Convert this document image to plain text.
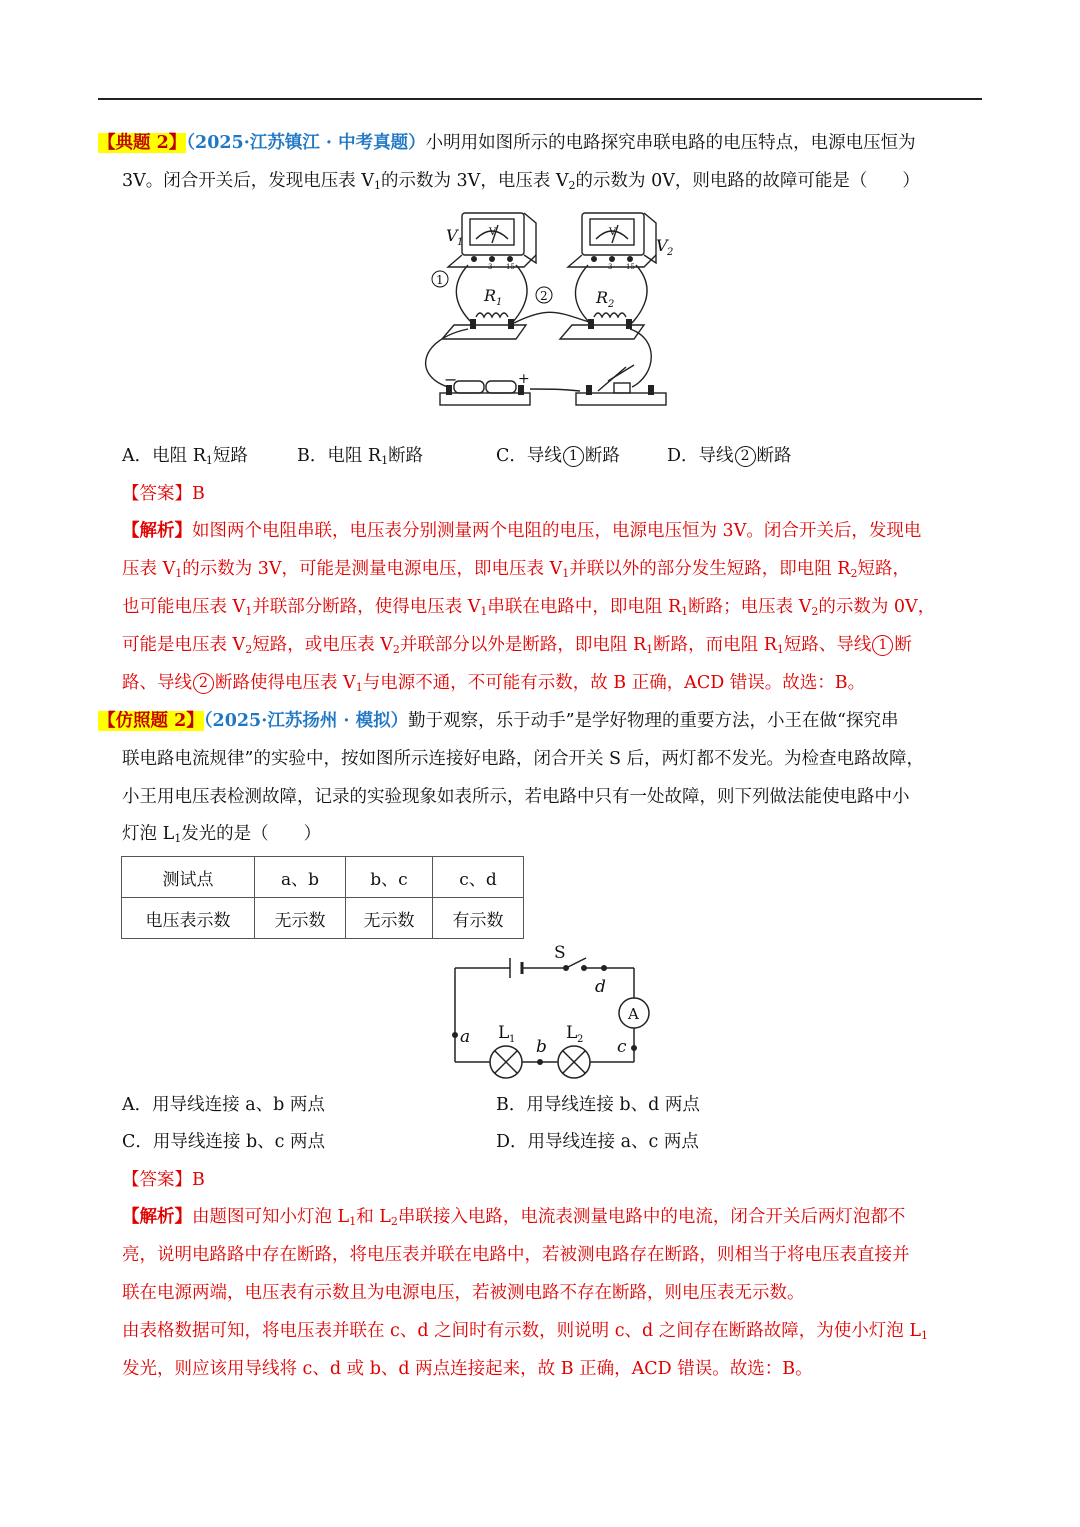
【典题 2】（2025·江苏镇江 · 中考真题）小明用如图所示的电路探究串联电路的电压特点，电源电压恒为
3V。闭合开关后，发现电压表 $V_1$的示数为 3V，电压表 $V_2$的示数为 0V，则电路的故障可能是（　　）
V 1	V 2
R 1	R 2
1
2
−	+
V	V
3 15	3 15
A．电阻 $R_1$短路	B．电阻 $R_1$断路	C．导线 1 断路	D．导线 2 断路
【答案】B
【解析】如图两个电阻串联，电压表分别测量两个电阻的电压，电源电压恒为 3V。闭合开关后，发现电
压表 $V_1$的示数为 3V，可能是测量电源电压，即电压表 $V_1$并联以外的部分发生短路，即电阻 $R_2$短路，
也可能电压表 $V_1$并联部分断路，使得电压表 $V_1$串联在电路中，即电阻 $R_1$断路；电压表 $V_2$的示数为 0V，
可能是电压表 $V_2$短路，或电压表 $V_2$并联部分以外是断路，即电阻 $R_1$断路，而电阻 $R_1$短路、导线 1 断
路、导线 2 断路使得电压表 $V_1$与电源不通，不可能有示数，故 B 正确，ACD 错误。故选：B。
【仿照题 2】（2025·江苏扬州 · 模拟）勤于观察，乐于动手”是学好物理的重要方法，小王在做“探究串
联电路电流规律”的实验中，按如图所示连接好电路，闭合开关 S 后，两灯都不发光。为检查电路故障，
小王用电压表检测故障，记录的实验现象如表所示，若电路中只有一处故障，则下列做法能使电路中小
灯泡 $L_1$发光的是（　　）
测试点	a、b	b、c	c、d
电压表示数	无示数	无示数	有示数
S
A
L 1	L 2
d
a	b	c
A．用导线连接 a、b 两点	B．用导线连接 b、d 两点
C．用导线连接 b、c 两点	D．用导线连接 a、c 两点
【答案】B
【解析】由题图可知小灯泡 $L_1$和 $L_2$串联接入电路，电流表测量电路中的电流，闭合开关后两灯泡都不
亮，说明电路路中存在断路，将电压表并联在电路中，若被测电路存在断路，则相当于将电压表直接并
联在电源两端，电压表有示数且为电源电压，若被测电路不存在断路，则电压表无示数。
由表格数据可知，将电压表并联在 c、d 之间时有示数，则说明 c、d 之间存在断路故障，为使小灯泡 $L_1$
发光，则应该用导线将 c、d 或 b、d 两点连接起来，故 B 正确，ACD 错误。故选：B。
